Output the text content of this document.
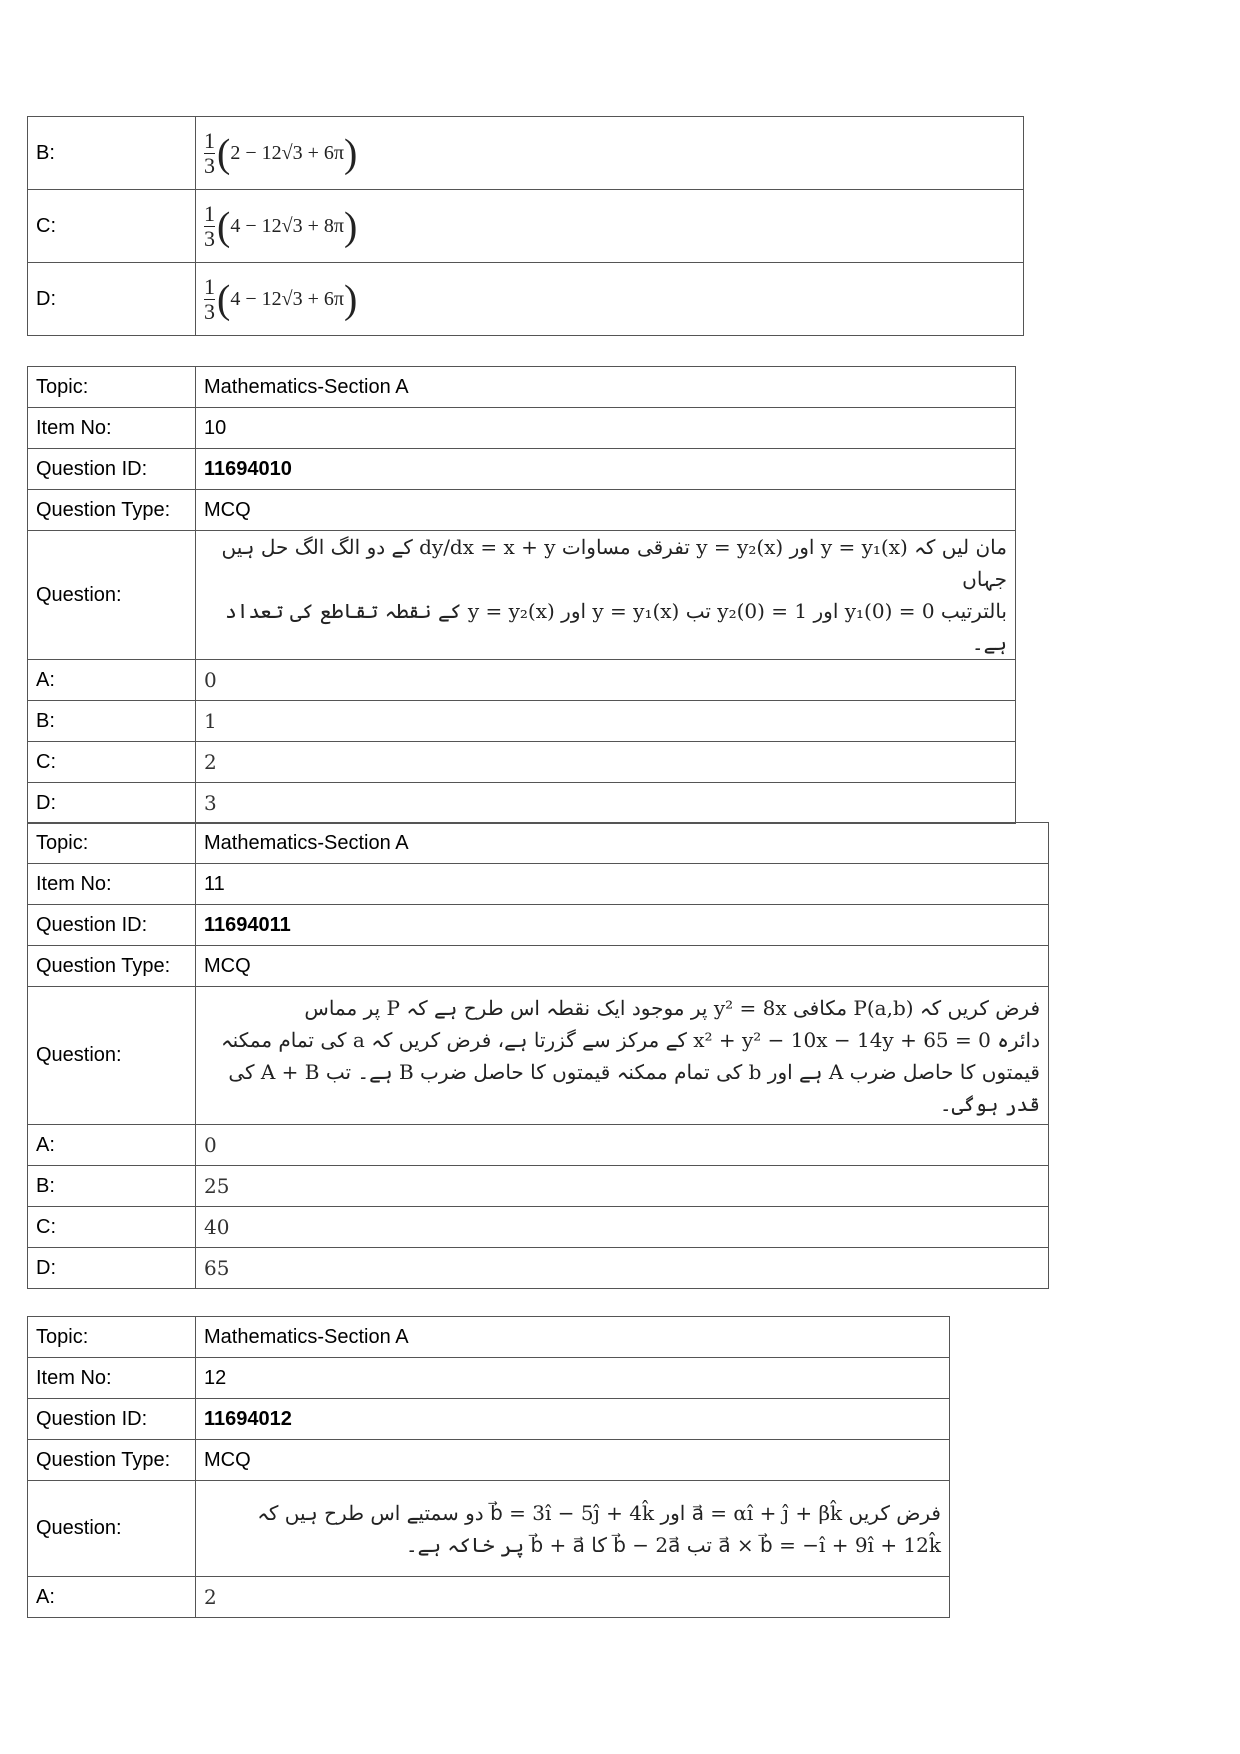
B:	$\frac{1}{3} (2 - 12√3 + 6\pi)$
C:	$\frac{1}{3} (4 - 12√3 + 8\pi)$
D:	$\frac{1}{3} (4 - 12√3 + 6\pi)$
Topic:	Mathematics-Section A
Item No:	10
Question ID:	11694010
Question Type:	MCQ
Question:	مان لیں کہ y = y₁(x) اور y = y₂(x) تفرقی مساوات dy/dx = x + y کے دو الگ الگ حل ہیں جہاں
بالترتیب y₁(0) = 0 اور y₂(0) = 1 تب y = y₁(x) اور y = y₂(x) کے نقطہ تقاطع کی تعداد ہے۔

A:	0
B:	1
C:	2
D:	3
Topic:	Mathematics-Section A
Item No:	11
Question ID:	11694011
Question Type:	MCQ
Question:	فرض کریں کہ P(a,b) مکافی y² = 8x پر موجود ایک نقطہ اس طرح ہے کہ P پر مماس
دائرہ x² + y² − 10x − 14y + 65 = 0 کے مرکز سے گزرتا ہے، فرض کریں کہ a کی تمام ممکنہ
قیمتوں کا حاصل ضرب A ہے اور b کی تمام ممکنہ قیمتوں کا حاصل ضرب B ہے۔ تب A + B کی
قدر ہوگی۔

A:	0
B:	25
C:	40
D:	65
Topic:	Mathematics-Section A
Item No:	12
Question ID:	11694012
Question Type:	MCQ
Question:	فرض کریں a⃗ = αî + ĵ + βk̂ اور b⃗ = 3î − 5ĵ + 4k̂ دو سمتیے اس طرح ہیں کہ
a⃗ × b⃗ = −î + 9î + 12k̂ تب b⃗ − 2a⃗ کا b⃗ + a⃗ پر خاکہ ہے۔

A:	2
